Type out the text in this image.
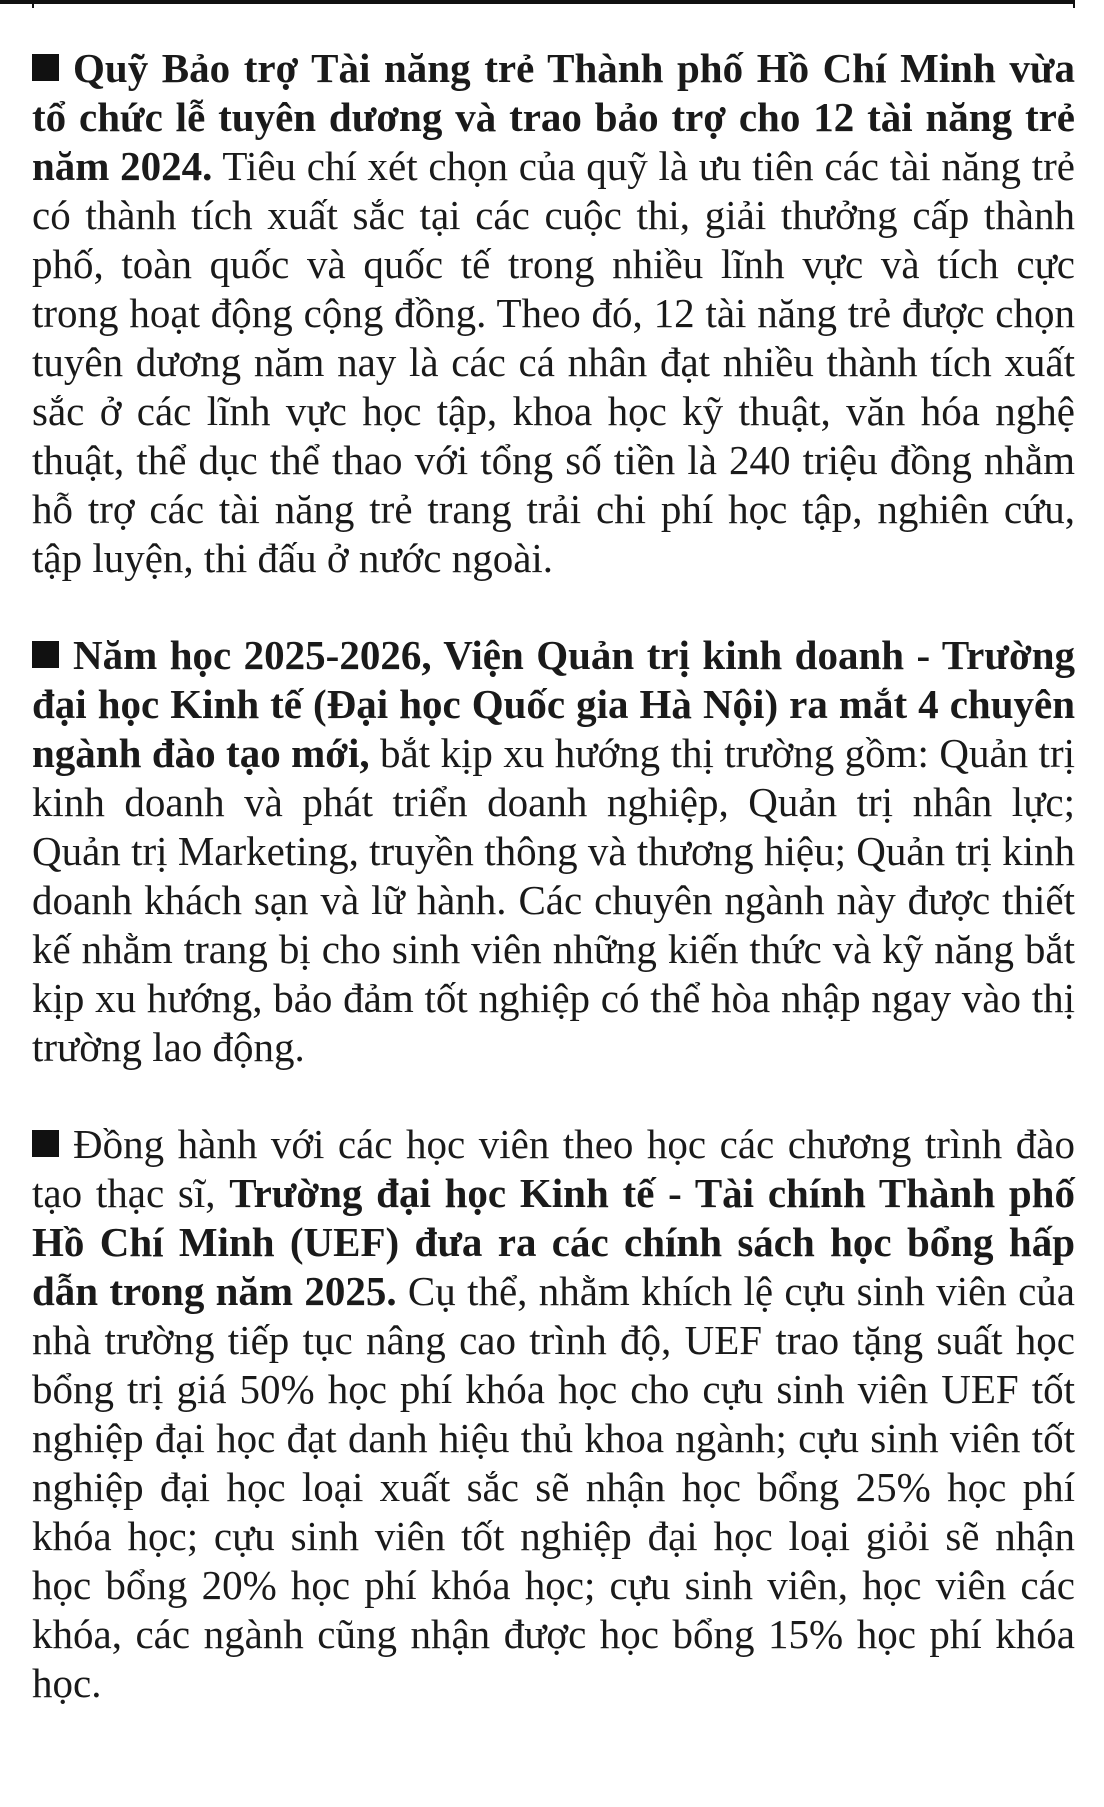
Quỹ Bảo trợ Tài năng trẻ Thành phố Hồ Chí Minh vừa tổ chức lễ tuyên dương và trao bảo trợ cho 12 tài năng trẻ năm 2024. Tiêu chí xét chọn của quỹ là ưu tiên các tài năng trẻ có thành tích xuất sắc tại các cuộc thi, giải thưởng cấp thành phố, toàn quốc và quốc tế trong nhiều lĩnh vực và tích cực trong hoạt động cộng đồng. Theo đó, 12 tài năng trẻ được chọn tuyên dương năm nay là các cá nhân đạt nhiều thành tích xuất sắc ở các lĩnh vực học tập, khoa học kỹ thuật, văn hóa nghệ thuật, thể dục thể thao với tổng số tiền là 240 triệu đồng nhằm hỗ trợ các tài năng trẻ trang trải chi phí học tập, nghiên cứu, tập luyện, thi đấu ở nước ngoài.

Năm học 2025-2026, Viện Quản trị kinh doanh - Trường đại học Kinh tế (Đại học Quốc gia Hà Nội) ra mắt 4 chuyên ngành đào tạo mới, bắt kịp xu hướng thị trường gồm: Quản trị kinh doanh và phát triển doanh nghiệp, Quản trị nhân lực; Quản trị Marketing, truyền thông và thương hiệu; Quản trị kinh doanh khách sạn và lữ hành. Các chuyên ngành này được thiết kế nhằm trang bị cho sinh viên những kiến thức và kỹ năng bắt kịp xu hướng, bảo đảm tốt nghiệp có thể hòa nhập ngay vào thị trường lao động.

Đồng hành với các học viên theo học các chương trình đào tạo thạc sĩ, Trường đại học Kinh tế - Tài chính Thành phố Hồ Chí Minh (UEF) đưa ra các chính sách học bổng hấp dẫn trong năm 2025. Cụ thể, nhằm khích lệ cựu sinh viên của nhà trường tiếp tục nâng cao trình độ, UEF trao tặng suất học bổng trị giá 50% học phí khóa học cho cựu sinh viên UEF tốt nghiệp đại học đạt danh hiệu thủ khoa ngành; cựu sinh viên tốt nghiệp đại học loại xuất sắc sẽ nhận học bổng 25% học phí khóa học; cựu sinh viên tốt nghiệp đại học loại giỏi sẽ nhận học bổng 20% học phí khóa học; cựu sinh viên, học viên các khóa, các ngành cũng nhận được học bổng 15% học phí khóa học.
